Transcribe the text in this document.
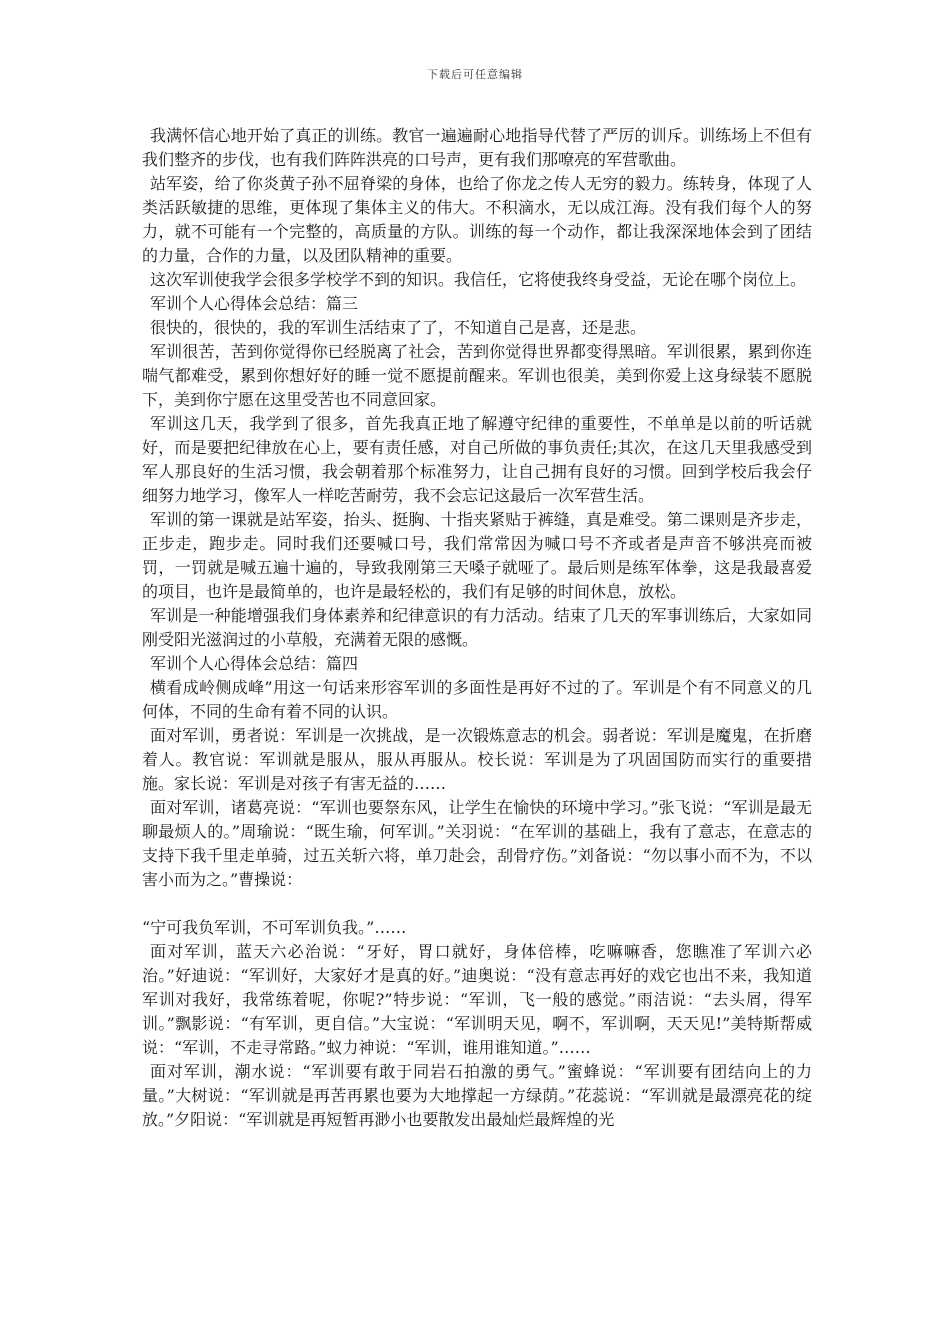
下载后可任意编辑

我满怀信心地开始了真正的训练。教官一遍遍耐心地指导代替了严厉的训斥。训练场上不但有我们整齐的步伐，也有我们阵阵洪亮的口号声，更有我们那嘹亮的军营歌曲。

站军姿，给了你炎黄子孙不屈脊梁的身体，也给了你龙之传人无穷的毅力。练转身，体现了人类活跃敏捷的思维，更体现了集体主义的伟大。不积滴水，无以成江海。没有我们每个人的努力，就不可能有一个完整的，高质量的方队。训练的每一个动作，都让我深深地体会到了团结的力量，合作的力量，以及团队精神的重要。

这次军训使我学会很多学校学不到的知识。我信任，它将使我终身受益，无论在哪个岗位上。

军训个人心得体会总结：篇三

很快的，很快的，我的军训生活结束了了，不知道自己是喜，还是悲。

军训很苦，苦到你觉得你已经脱离了社会，苦到你觉得世界都变得黑暗。军训很累，累到你连喘气都难受，累到你想好好的睡一觉不愿提前醒来。军训也很美，美到你爱上这身绿装不愿脱下，美到你宁愿在这里受苦也不同意回家。

军训这几天，我学到了很多，首先我真正地了解遵守纪律的重要性，不单单是以前的听话就好，而是要把纪律放在心上，要有责任感，对自己所做的事负责任;其次，在这几天里我感受到军人那良好的生活习惯，我会朝着那个标准努力，让自己拥有良好的习惯。回到学校后我会仔细努力地学习，像军人一样吃苦耐劳，我不会忘记这最后一次军营生活。

军训的第一课就是站军姿，抬头、挺胸、十指夹紧贴于裤缝，真是难受。第二课则是齐步走，正步走，跑步走。同时我们还要喊口号，我们常常因为喊口号不齐或者是声音不够洪亮而被罚，一罚就是喊五遍十遍的，导致我刚第三天嗓子就哑了。最后则是练军体拳，这是我最喜爱的项目，也许是最简单的，也许是最轻松的，我们有足够的时间休息，放松。

军训是一种能增强我们身体素养和纪律意识的有力活动。结束了几天的军事训练后，大家如同刚受阳光滋润过的小草般，充满着无限的感慨。

军训个人心得体会总结：篇四

横看成岭侧成峰”用这一句话来形容军训的多面性是再好不过的了。军训是个有不同意义的几何体，不同的生命有着不同的认识。

面对军训，勇者说：军训是一次挑战，是一次锻炼意志的机会。弱者说：军训是魔鬼，在折磨着人。教官说：军训就是服从，服从再服从。校长说：军训是为了巩固国防而实行的重要措施。家长说：军训是对孩子有害无益的……

面对军训，诸葛亮说：“军训也要祭东风，让学生在愉快的环境中学习。”张飞说：“军训是最无聊最烦人的。”周瑜说：“既生瑜，何军训。”关羽说：“在军训的基础上，我有了意志，在意志的支持下我千里走单骑，过五关斩六将，单刀赴会，刮骨疗伤。”刘备说：“勿以事小而不为，不以害小而为之。”曹操说：

“宁可我负军训，不可军训负我。”……

面对军训，蓝天六必治说：“牙好，胃口就好，身体倍棒，吃嘛嘛香，您瞧准了军训六必治。”好迪说：“军训好，大家好才是真的好。”迪奥说：“没有意志再好的戏它也出不来，我知道军训对我好，我常练着呢，你呢?”特步说：“军训，飞一般的感觉。”雨洁说：“去头屑，得军训。”飘影说：“有军训，更自信。”大宝说：“军训明天见，啊不，军训啊，天天见!”美特斯帮威说：“军训，不走寻常路。”蚁力神说：“军训，谁用谁知道。”……

面对军训，潮水说：“军训要有敢于同岩石拍激的勇气。”蜜蜂说：“军训要有团结向上的力量。”大树说：“军训就是再苦再累也要为大地撑起一方绿荫。”花蕊说：“军训就是最漂亮花的绽放。”夕阳说：“军训就是再短暂再渺小也要散发出最灿烂最辉煌的光
